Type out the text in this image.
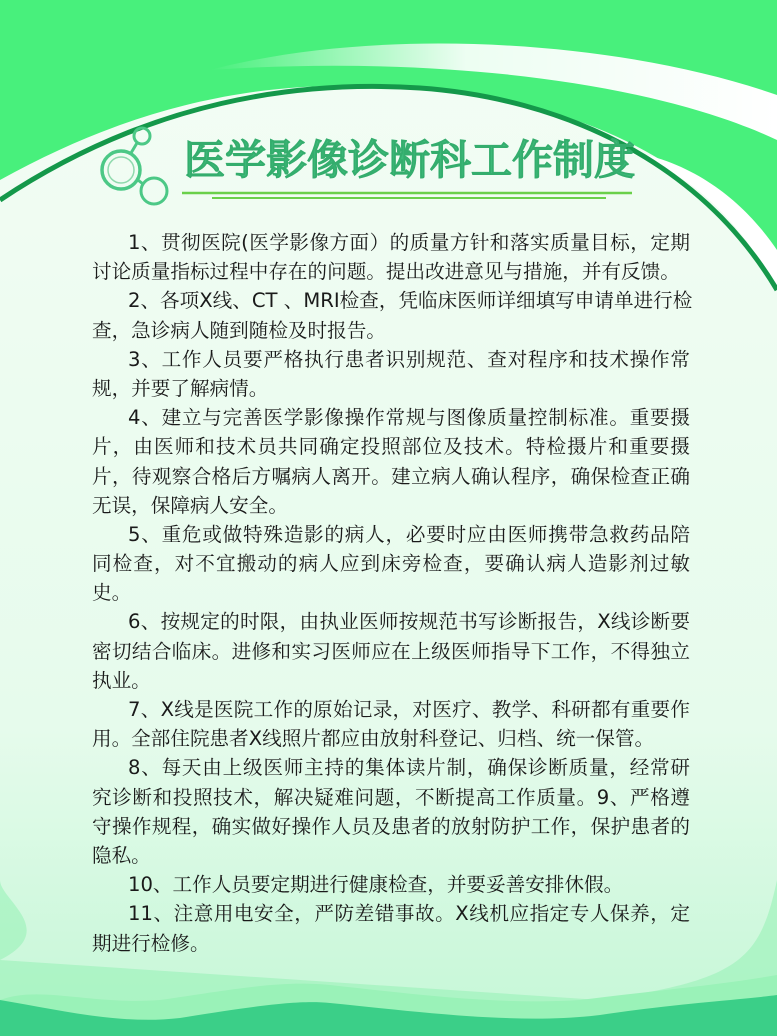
医学影像诊断科工作制度
1、贯彻医院(医学影像方面）的质量方针和落实质量目标，定期
讨论质量指标过程中存在的问题。提出改进意见与措施，并有反馈。
2、各项X线、CT 、MRI检查，凭临床医师详细填写申请单进行检
查，急诊病人随到随检及时报告。
3、工作人员要严格执行患者识别规范、查对程序和技术操作常
规，并要了解病情。
4、建立与完善医学影像操作常规与图像质量控制标准。重要摄
片，由医师和技术员共同确定投照部位及技术。特检摄片和重要摄
片，待观察合格后方嘱病人离开。建立病人确认程序，确保检查正确
无误，保障病人安全。
5、重危或做特殊造影的病人，必要时应由医师携带急救药品陪
同检查，对不宜搬动的病人应到床旁检查，要确认病人造影剂过敏
史。
6、按规定的时限，由执业医师按规范书写诊断报告，X线诊断要
密切结合临床。进修和实习医师应在上级医师指导下工作，不得独立
执业。
7、X线是医院工作的原始记录，对医疗、教学、科研都有重要作
用。全部住院患者X线照片都应由放射科登记、归档、统一保管。
8、每天由上级医师主持的集体读片制，确保诊断质量，经常研
究诊断和投照技术，解决疑难问题，不断提高工作质量。9、严格遵
守操作规程，确实做好操作人员及患者的放射防护工作，保护患者的
隐私。
10、工作人员要定期进行健康检查，并要妥善安排休假。
11、注意用电安全，严防差错事故。X线机应指定专人保养，定
期进行检修。
